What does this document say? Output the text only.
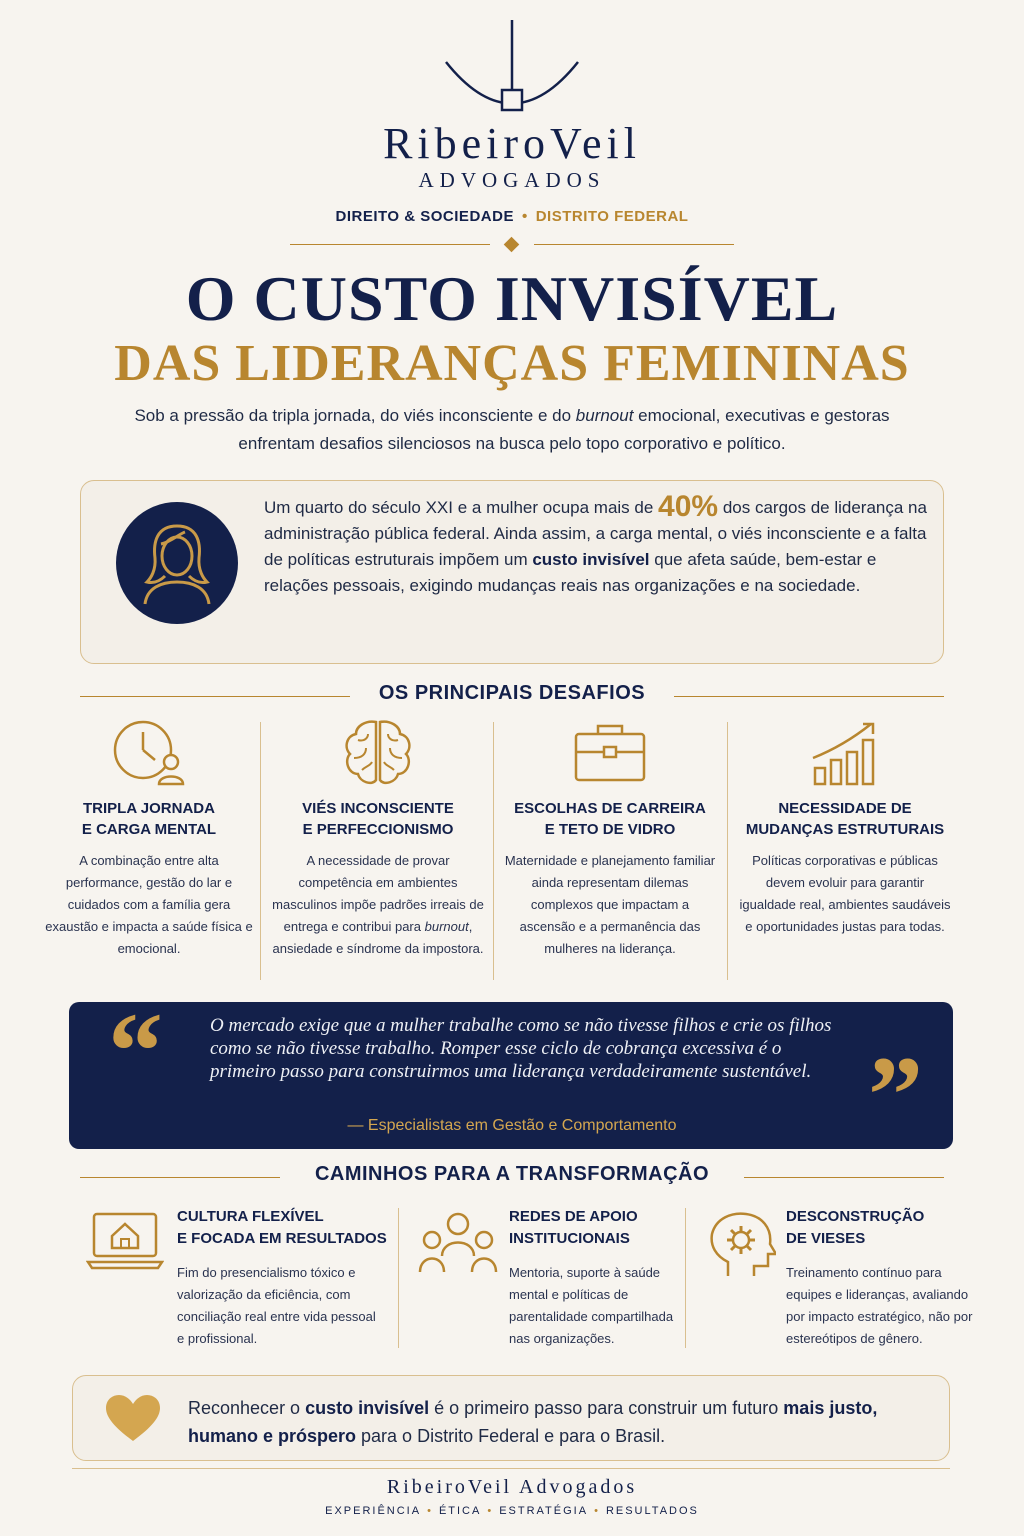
RibeiroVeil
ADVOGADOS
DIREITO & SOCIEDADE • DISTRITO FEDERAL
O CUSTO INVISÍVEL
DAS LIDERANÇAS FEMININAS
Sob a pressão da tripla jornada, do viés inconsciente e do burnout emocional, executivas e gestoras enfrentam desafios silenciosos na busca pelo topo corporativo e político.
Um quarto do século XXI e a mulher ocupa mais de 40% dos cargos de liderança na administração pública federal. Ainda assim, a carga mental, o viés inconsciente e a falta de políticas estruturais impõem um custo invisível que afeta saúde, bem-estar e relações pessoais, exigindo mudanças reais nas organizações e na sociedade.
OS PRINCIPAIS DESAFIOS
TRIPLA JORNADA
E CARGA MENTAL

A combinação entre alta performance, gestão do lar e cuidados com a família gera exaustão e impacta a saúde física e emocional.

VIÉS INCONSCIENTE
E PERFECCIONISMO

A necessidade de provar competência em ambientes masculinos impõe padrões irreais de entrega e contribui para burnout, ansiedade e síndrome da impostora.

ESCOLHAS DE CARREIRA
E TETO DE VIDRO

Maternidade e planejamento familiar ainda representam dilemas complexos que impactam a ascensão e a permanência das mulheres na liderança.

NECESSIDADE DE
MUDANÇAS ESTRUTURAIS

Políticas corporativas e públicas devem evoluir para garantir igualdade real, ambientes saudáveis e oportunidades justas para todas.

“	”
O mercado exige que a mulher trabalhe como se não tivesse filhos e crie os filhos como se não tivesse trabalho. Romper esse ciclo de cobrança excessiva é o primeiro passo para construirmos uma liderança verdadeiramente sustentável.
— Especialistas em Gestão e Comportamento
CAMINHOS PARA A TRANSFORMAÇÃO
CULTURA FLEXÍVEL
E FOCADA EM RESULTADOS

Fim do presencialismo tóxico e valorização da eficiência, com conciliação real entre vida pessoal e profissional.

REDES DE APOIO
INSTITUCIONAIS

Mentoria, suporte à saúde mental e políticas de parentalidade compartilhada nas organizações.

DESCONSTRUÇÃO
DE VIESES

Treinamento contínuo para equipes e lideranças, avaliando por impacto estratégico, não por estereótipos de gênero.

Reconhecer o custo invisível é o primeiro passo para construir um futuro mais justo, humano e próspero para o Distrito Federal e para o Brasil.
RibeiroVeil Advogados
EXPERIÊNCIA • ÉTICA • ESTRATÉGIA • RESULTADOS
